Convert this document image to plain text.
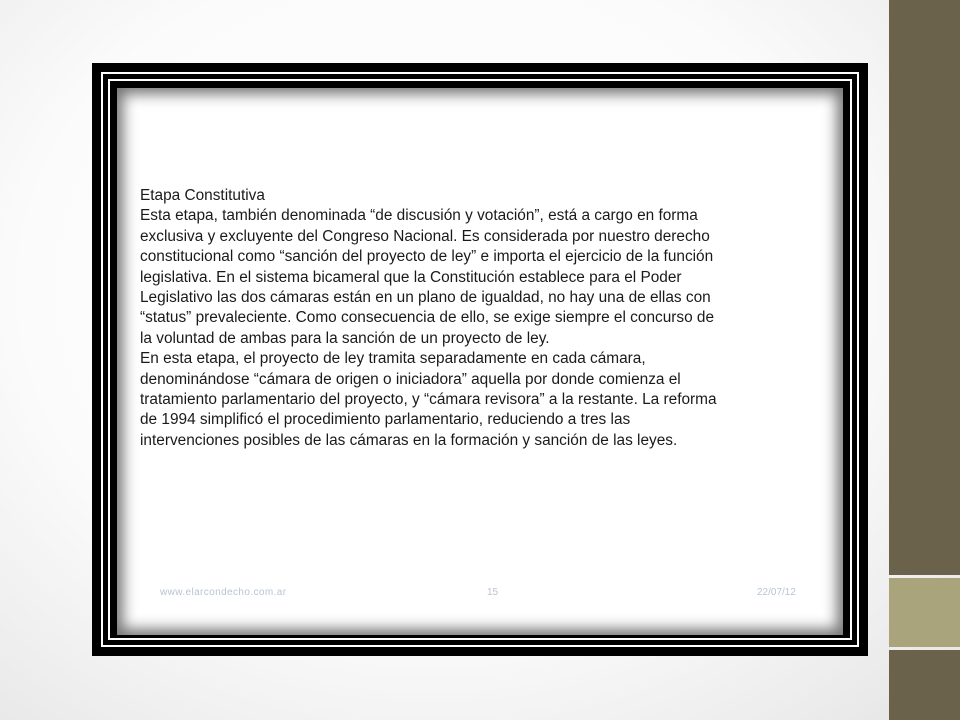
Etapa Constitutiva
Esta etapa, también denominada “de discusión y votación”, está a cargo en forma
exclusiva y excluyente del Congreso Nacional. Es considerada por nuestro derecho
constitucional como “sanción del proyecto de ley” e importa el ejercicio de la función
legislativa. En el sistema bicameral que la Constitución establece para el Poder
Legislativo las dos cámaras están en un plano de igualdad, no hay una de ellas con
“status” prevaleciente. Como consecuencia de ello, se exige siempre el concurso de
la voluntad de ambas para la sanción de un proyecto de ley.
En esta etapa, el proyecto de ley tramita separadamente en cada cámara,
denominándose “cámara de origen o iniciadora” aquella por donde comienza el
tratamiento parlamentario del proyecto, y “cámara revisora” a la restante. La reforma
de 1994 simplificó el procedimiento parlamentario, reduciendo a tres las
intervenciones posibles de las cámaras en la formación y sanción de las leyes.
www.elarcondecho.com.ar	15	22/07/12
